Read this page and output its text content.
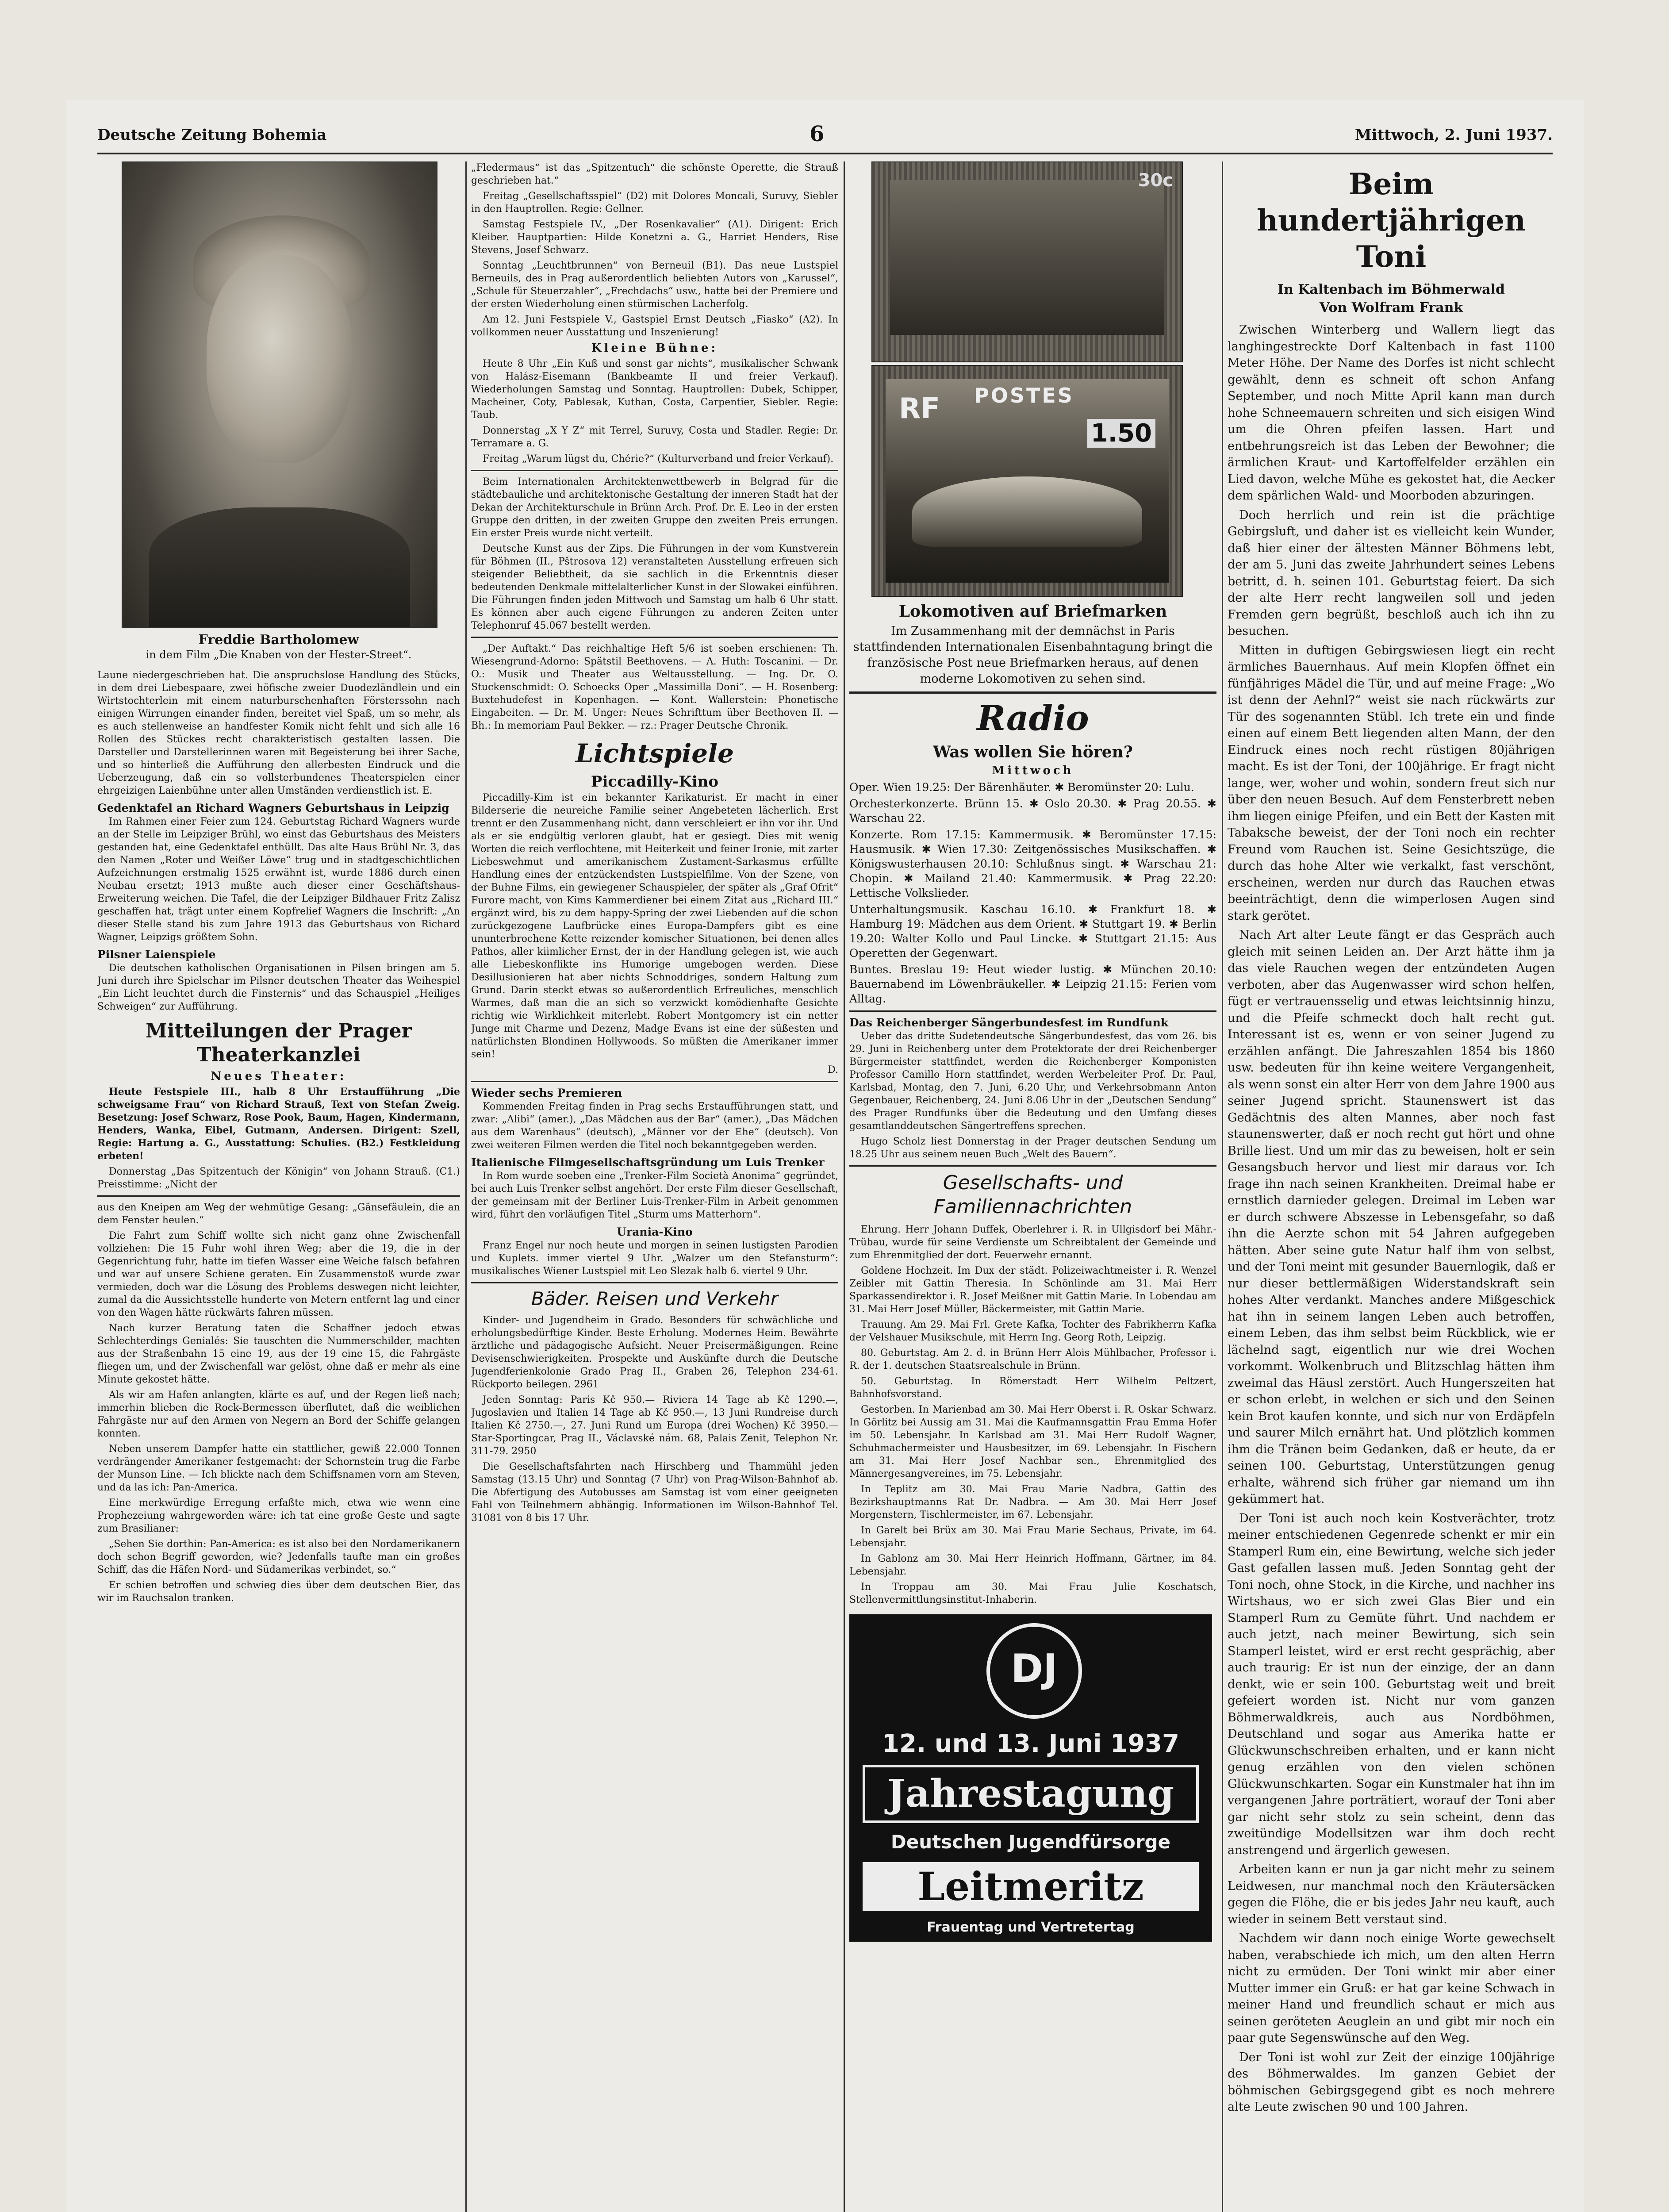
Deutsche Zeitung Bohemia	6	Mittwoch, 2. Juni 1937.
Freddie Bartholomew
in dem Film „Die Knaben von der Hester-Street“.

Laune niedergeschrieben hat. Die anspruchslose Handlung des Stücks, in dem drei Liebespaare, zwei höfische zweier Duodezländlein und ein Wirtstochterlein mit einem naturburschenhaften Försterssohn nach einigen Wirrungen einander finden, bereitet viel Spaß, um so mehr, als es auch stellenweise an handfester Komik nicht fehlt und sich alle 16 Rollen des Stückes recht charakteristisch gestalten lassen. Die Darsteller und Darstellerinnen waren mit Begeisterung bei ihrer Sache, und so hinterließ die Aufführung den allerbesten Eindruck und die Ueberzeugung, daß ein so vollsterbundenes Theaterspielen einer ehrgeizigen Laienbühne unter allen Umständen verdienstlich ist. E.

Gedenktafel an Richard Wagners Geburtshaus in Leipzig

Im Rahmen einer Feier zum 124. Geburtstag Richard Wagners wurde an der Stelle im Leipziger Brühl, wo einst das Geburtshaus des Meisters gestanden hat, eine Gedenktafel enthüllt. Das alte Haus Brühl Nr. 3, das den Namen „Roter und Weißer Löwe“ trug und in stadtgeschichtlichen Aufzeichnungen erstmalig 1525 erwähnt ist, wurde 1886 durch einen Neubau ersetzt; 1913 mußte auch dieser einer Geschäftshaus-Erweiterung weichen. Die Tafel, die der Leipziger Bildhauer Fritz Zalisz geschaffen hat, trägt unter einem Kopfrelief Wagners die Inschrift: „An dieser Stelle stand bis zum Jahre 1913 das Geburtshaus von Richard Wagner, Leipzigs größtem Sohn.

Pilsner Laienspiele

Die deutschen katholischen Organisationen in Pilsen bringen am 5. Juni durch ihre Spielschar im Pilsner deutschen Theater das Weihespiel „Ein Licht leuchtet durch die Finsternis“ und das Schauspiel „Heiliges Schweigen“ zur Aufführung.

Mitteilungen der Prager Theaterkanzlei
Neues Theater:

Heute Festspiele III., halb 8 Uhr Erstaufführung „Die schweigsame Frau“ von Richard Strauß, Text von Stefan Zweig. Besetzung: Josef Schwarz, Rose Pook, Baum, Hagen, Kindermann, Henders, Wanka, Eibel, Gutmann, Andersen. Dirigent: Szell, Regie: Hartung a. G., Ausstattung: Schulies. (B2.) Festkleidung erbeten!

Donnerstag „Das Spitzentuch der Königin“ von Johann Strauß. (C1.) Preisstimme: „Nicht der

aus den Kneipen am Weg der wehmütige Gesang: „Gänsefäulein, die an dem Fenster heulen.“

Die Fahrt zum Schiff wollte sich nicht ganz ohne Zwischenfall vollziehen: Die 15 Fuhr wohl ihren Weg; aber die 19, die in der Gegenrichtung fuhr, hatte im tiefen Wasser eine Weiche falsch befahren und war auf unsere Schiene geraten. Ein Zusammenstoß wurde zwar vermieden, doch war die Lösung des Problems deswegen nicht leichter, zumal da die Aussichtsstelle hunderte von Metern entfernt lag und einer von den Wagen hätte rückwärts fahren müssen.

Nach kurzer Beratung taten die Schaffner jedoch etwas Schlechterdings Genialés: Sie tauschten die Nummerschilder, machten aus der Straßenbahn 15 eine 19, aus der 19 eine 15, die Fahrgäste fliegen um, und der Zwischenfall war gelöst, ohne daß er mehr als eine Minute gekostet hätte.

Als wir am Hafen anlangten, klärte es auf, und der Regen ließ nach; immerhin blieben die Rock-Bermessen überflutet, daß die weiblichen Fahrgäste nur auf den Armen von Negern an Bord der Schiffe gelangen konnten.

Neben unserem Dampfer hatte ein stattlicher, gewiß 22.000 Tonnen verdrängender Amerikaner festgemacht: der Schornstein trug die Farbe der Munson Line. — Ich blickte nach dem Schiffsnamen vorn am Steven, und da las ich: Pan-America.

Eine merkwürdige Erregung erfaßte mich, etwa wie wenn eine Prophezeiung wahrgeworden wäre: ich tat eine große Geste und sagte zum Brasilianer:

„Sehen Sie dorthin: Pan-America: es ist also bei den Nordamerikanern doch schon Begriff geworden, wie? Jedenfalls taufte man ein großes Schiff, das die Häfen Nord- und Südamerikas verbindet, so.“

Er schien betroffen und schwieg dies über dem deutschen Bier, das wir im Rauchsalon tranken.

„Fledermaus“ ist das „Spitzentuch“ die schönste Operette, die Strauß geschrieben hat.“

Freitag „Gesellschaftsspiel“ (D2) mit Dolores Moncali, Suruvy, Siebler in den Hauptrollen. Regie: Gellner.

Samstag Festspiele IV., „Der Rosenkavalier“ (A1). Dirigent: Erich Kleiber. Hauptpartien: Hilde Konetzni a. G., Harriet Henders, Rise Stevens, Josef Schwarz.

Sonntag „Leuchtbrunnen“ von Berneuil (B1). Das neue Lustspiel Berneuils, des in Prag außerordentlich beliebten Autors von „Karussel“, „Schule für Steuerzahler“, „Frechdachs“ usw., hatte bei der Premiere und der ersten Wiederholung einen stürmischen Lacherfolg.

Am 12. Juni Festspiele V., Gastspiel Ernst Deutsch „Fiasko“ (A2). In vollkommen neuer Ausstattung und Inszenierung!

Kleine Bühne:

Heute 8 Uhr „Ein Kuß und sonst gar nichts“, musikalischer Schwank von Halász-Eisemann (Bankbeamte II und freier Verkauf). Wiederholungen Samstag und Sonntag. Hauptrollen: Dubek, Schipper, Macheiner, Coty, Pablesak, Kuthan, Costa, Carpentier, Siebler. Regie: Taub.

Donnerstag „X Y Z“ mit Terrel, Suruvy, Costa und Stadler. Regie: Dr. Terramare a. G.

Freitag „Warum lügst du, Chérie?“ (Kulturverband und freier Verkauf).

Beim Internationalen Architektenwettbewerb in Belgrad für die städtebauliche und architektonische Gestaltung der inneren Stadt hat der Dekan der Architekturschule in Brünn Arch. Prof. Dr. E. Leo in der ersten Gruppe den dritten, in der zweiten Gruppe den zweiten Preis errungen. Ein erster Preis wurde nicht verteilt.

Deutsche Kunst aus der Zips. Die Führungen in der vom Kunstverein für Böhmen (II., Pštrosova 12) veranstalteten Ausstellung erfreuen sich steigender Beliebtheit, da sie sachlich in die Erkenntnis dieser bedeutenden Denkmale mittelalterlicher Kunst in der Slowakei einführen. Die Führungen finden jeden Mittwoch und Samstag um halb 6 Uhr statt. Es können aber auch eigene Führungen zu anderen Zeiten unter Telephonruf 45.067 bestellt werden.

„Der Auftakt.“ Das reichhaltige Heft 5/6 ist soeben erschienen: Th. Wiesengrund-Adorno: Spätstil Beethovens. — A. Huth: Toscanini. — Dr. O.: Musik und Theater aus Weltausstellung. — Ing. Dr. O. Stuckenschmidt: O. Schoecks Oper „Massimilla Doni“. — H. Rosenberg: Buxtehudefest in Kopenhagen. — Kont. Wallerstein: Phonetische Eingabeiten. — Dr. M. Unger: Neues Schrifttum über Beethoven II. — Bh.: In memoriam Paul Bekker. — rz.: Prager Deutsche Chronik.

Lichtspiele
Piccadilly-Kino

Piccadilly-Kim ist ein bekannter Karikaturist. Er macht in einer Bilderserie die neureiche Familie seiner Angebeteten lächerlich. Erst trennt er den Zusammenhang nicht, dann verschleiert er ihn vor ihr. Und als er sie endgültig verloren glaubt, hat er gesiegt. Dies mit wenig Worten die reich verflochtene, mit Heiterkeit und feiner Ironie, mit zarter Liebeswehmut und amerikanischem Zustament-Sarkasmus erfüllte Handlung eines der entzückendsten Lustspielfilme. Von der Szene, von der Buhne Films, ein gewiegener Schauspieler, der später als „Graf Ofrit“ Furore macht, von Kims Kammerdiener bei einem Zitat aus „Richard III.“ ergänzt wird, bis zu dem happy-Spring der zwei Liebenden auf die schon zurückgezogene Laufbrücke eines Europa-Dampfers gibt es eine ununterbrochene Kette reizender komischer Situationen, bei denen alles Pathos, aller kiimlicher Ernst, der in der Handlung gelegen ist, wie auch alle Liebeskonflikte ins Humorige umgebogen werden. Diese Desillusionieren hat aber nichts Schnoddriges, sondern Haltung zum Grund. Darin steckt etwas so außerordentlich Erfreuliches, menschlich Warmes, daß man die an sich so verzwickt komödienhafte Gesichte richtig wie Wirklichkeit miterlebt. Robert Montgomery ist ein netter Junge mit Charme und Dezenz, Madge Evans ist eine der süßesten und natürlichsten Blondinen Hollywoods. So müßten die Amerikaner immer sein!

D.

Wieder sechs Premieren

Kommenden Freitag finden in Prag sechs Erstaufführungen statt, und zwar: „Alibi“ (amer.), „Das Mädchen aus der Bar“ (amer.), „Das Mädchen aus dem Warenhaus“ (deutsch), „Männer vor der Ehe“ (deutsch). Von zwei weiteren Filmen werden die Titel noch bekanntgegeben werden.

Italienische Filmgesellschaftsgründung um Luis Trenker

In Rom wurde soeben eine „Trenker-Film Società Anonima“ gegründet, bei auch Luis Trenker selbst angehört. Der erste Film dieser Gesellschaft, der gemeinsam mit der Berliner Luis-Trenker-Film in Arbeit genommen wird, führt den vorläufigen Titel „Sturm ums Matterhorn“.

Urania-Kino

Franz Engel nur noch heute und morgen in seinen lustigsten Parodien und Kuplets. immer viertel 9 Uhr. „Walzer um den Stefansturm“: musikalisches Wiener Lustspiel mit Leo Slezak halb 6. viertel 9 Uhr.

Bäder. Reisen und Verkehr

Kinder- und Jugendheim in Grado. Besonders für schwächliche und erholungsbedürftige Kinder. Beste Erholung. Modernes Heim. Bewährte ärztliche und pädagogische Aufsicht. Neuer Preisermäßigungen. Reine Devisenschwierigkeiten. Prospekte und Auskünfte durch die Deutsche Jugendferienkolonie Grado Prag II., Graben 26, Telephon 234-61. Rückporto beilegen. 2961

Jeden Sonntag: Paris Kč 950.— Riviera 14 Tage ab Kč 1290.—, Jugoslavien und Italien 14 Tage ab Kč 950.—, 13 Juni Rundreise durch Italien Kč 2750.—, 27. Juni Rund um Europa (drei Wochen) Kč 3950.— Star-Sportingcar, Prag II., Václavské nám. 68, Palais Zenit, Telephon Nr. 311-79. 2950

Die Gesellschaftsfahrten nach Hirschberg und Thammühl jeden Samstag (13.15 Uhr) und Sonntag (7 Uhr) von Prag-Wilson-Bahnhof ab. Die Abfertigung des Autobusses am Samstag ist vom einer geeigneten Fahl von Teilnehmern abhängig. Informationen im Wilson-Bahnhof Tel. 31081 von 8 bis 17 Uhr.

30c
RF POSTES
1.50
Lokomotiven auf Briefmarken

Im Zusammenhang mit der demnächst in Paris stattfindenden Internationalen Eisenbahntagung bringt die französische Post neue Briefmarken heraus, auf denen moderne Lokomotiven zu sehen sind.

Radio
Was wollen Sie hören?
Mittwoch

Oper. Wien 19.25: Der Bärenhäuter. ✱ Beromünster 20: Lulu.

Orchesterkonzerte. Brünn 15. ✱ Oslo 20.30. ✱ Prag 20.55. ✱ Warschau 22.

Konzerte. Rom 17.15: Kammermusik. ✱ Beromünster 17.15: Hausmusik. ✱ Wien 17.30: Zeitgenössisches Musikschaffen. ✱ Königswusterhausen 20.10: Schlußnus singt. ✱ Warschau 21: Chopin. ✱ Mailand 21.40: Kammermusik. ✱ Prag 22.20: Lettische Volkslieder.

Unterhaltungsmusik. Kaschau 16.10. ✱ Frankfurt 18. ✱ Hamburg 19: Mädchen aus dem Orient. ✱ Stuttgart 19. ✱ Berlin 19.20: Walter Kollo und Paul Lincke. ✱ Stuttgart 21.15: Aus Operetten der Gegenwart.

Buntes. Breslau 19: Heut wieder lustig. ✱ München 20.10: Bauernabend im Löwenbräukeller. ✱ Leipzig 21.15: Ferien vom Alltag.

Das Reichenberger Sängerbundesfest im Rundfunk

Ueber das dritte Sudetendeutsche Sängerbundesfest, das vom 26. bis 29. Juni in Reichenberg unter dem Protektorate der drei Reichenberger Bürgermeister stattfindet, werden die Reichenberger Komponisten Professor Camillo Horn stattfindet, werden Werbeleiter Prof. Dr. Paul, Karlsbad, Montag, den 7. Juni, 6.20 Uhr, und Verkehrsobmann Anton Gegenbauer, Reichenberg, 24. Juni 8.06 Uhr in der „Deutschen Sendung“ des Prager Rundfunks über die Bedeutung und den Umfang dieses gesamtlanddeutschen Sängertreffens sprechen.

Hugo Scholz liest Donnerstag in der Prager deutschen Sendung um 18.25 Uhr aus seinem neuen Buch „Welt des Bauern“.

Gesellschafts- und Familiennachrichten

Ehrung. Herr Johann Duffek, Oberlehrer i. R. in Ullgisdorf bei Mähr.-Trübau, wurde für seine Verdienste um Schreibtalent der Gemeinde und zum Ehrenmitglied der dort. Feuerwehr ernannt.

Goldene Hochzeit. Im Dux der städt. Polizeiwachtmeister i. R. Wenzel Zeibler mit Gattin Theresia. In Schönlinde am 31. Mai Herr Sparkassendirektor i. R. Josef Meißner mit Gattin Marie. In Lobendau am 31. Mai Herr Josef Müller, Bäckermeister, mit Gattin Marie.

Trauung. Am 29. Mai Frl. Grete Kafka, Tochter des Fabrikherrn Kafka der Velshauer Musikschule, mit Herrn Ing. Georg Roth, Leipzig.

80. Geburtstag. Am 2. d. in Brünn Herr Alois Mühlbacher, Professor i. R. der 1. deutschen Staatsrealschule in Brünn.

50. Geburtstag. In Römerstadt Herr Wilhelm Peltzert, Bahnhofsvorstand.

Gestorben. In Marienbad am 30. Mai Herr Oberst i. R. Oskar Schwarz. In Görlitz bei Aussig am 31. Mai die Kaufmannsgattin Frau Emma Hofer im 50. Lebensjahr. In Karlsbad am 31. Mai Herr Rudolf Wagner, Schuhmachermeister und Hausbesitzer, im 69. Lebensjahr. In Fischern am 31. Mai Herr Josef Nachbar sen., Ehrenmitglied des Männergesangvereines, im 75. Lebensjahr.

In Teplitz am 30. Mai Frau Marie Nadbra, Gattin des Bezirkshauptmanns Rat Dr. Nadbra. — Am 30. Mai Herr Josef Morgenstern, Tischlermeister, im 67. Lebensjahr.

In Garelt bei Brüx am 30. Mai Frau Marie Sechaus, Private, im 64. Lebensjahr.

In Gablonz am 30. Mai Herr Heinrich Hoffmann, Gärtner, im 84. Lebensjahr.

In Troppau am 30. Mai Frau Julie Koschatsch, Stellenvermittlungsinstitut-Inhaberin.

DJ
12. und 13. Juni 1937
Jahrestagung
Deutschen Jugendfürsorge
Leitmeritz
Frauentag und Vertretertag
Beim hundertjährigen Toni
In Kaltenbach im Böhmerwald
Von Wolfram Frank

Zwischen Winterberg und Wallern liegt das langhingestreckte Dorf Kaltenbach in fast 1100 Meter Höhe. Der Name des Dorfes ist nicht schlecht gewählt, denn es schneit oft schon Anfang September, und noch Mitte April kann man durch hohe Schneemauern schreiten und sich eisigen Wind um die Ohren pfeifen lassen. Hart und entbehrungsreich ist das Leben der Bewohner; die ärmlichen Kraut- und Kartoffelfelder erzählen ein Lied davon, welche Mühe es gekostet hat, die Aecker dem spärlichen Wald- und Moorboden abzuringen.

Doch herrlich und rein ist die prächtige Gebirgsluft, und daher ist es vielleicht kein Wunder, daß hier einer der ältesten Männer Böhmens lebt, der am 5. Juni das zweite Jahrhundert seines Lebens betritt, d. h. seinen 101. Geburtstag feiert. Da sich der alte Herr recht langweilen soll und jeden Fremden gern begrüßt, beschloß auch ich ihn zu besuchen.

Mitten in duftigen Gebirgswiesen liegt ein recht ärmliches Bauernhaus. Auf mein Klopfen öffnet ein fünfjähriges Mädel die Tür, und auf meine Frage: „Wo ist denn der Aehnl?“ weist sie nach rückwärts zur Tür des sogenannten Stübl. Ich trete ein und finde einen auf einem Bett liegenden alten Mann, der den Eindruck eines noch recht rüstigen 80jährigen macht. Es ist der Toni, der 100jährige. Er fragt nicht lange, wer, woher und wohin, sondern freut sich nur über den neuen Besuch. Auf dem Fensterbrett neben ihm liegen einige Pfeifen, und ein Bett der Kasten mit Tabaksche beweist, der der Toni noch ein rechter Freund vom Rauchen ist. Seine Gesichtszüge, die durch das hohe Alter wie verkalkt, fast verschönt, erscheinen, werden nur durch das Rauchen etwas beeinträchtigt, denn die wimperlosen Augen sind stark gerötet.

Nach Art alter Leute fängt er das Gespräch auch gleich mit seinen Leiden an. Der Arzt hätte ihm ja das viele Rauchen wegen der entzündeten Augen verboten, aber das Augenwasser wird schon helfen, fügt er vertrauensselig und etwas leichtsinnig hinzu, und die Pfeife schmeckt doch halt recht gut. Interessant ist es, wenn er von seiner Jugend zu erzählen anfängt. Die Jahreszahlen 1854 bis 1860 usw. bedeuten für ihn keine weitere Vergangenheit, als wenn sonst ein alter Herr von dem Jahre 1900 aus seiner Jugend spricht. Staunenswert ist das Gedächtnis des alten Mannes, aber noch fast staunenswerter, daß er noch recht gut hört und ohne Brille liest. Und um mir das zu beweisen, holt er sein Gesangsbuch hervor und liest mir daraus vor. Ich frage ihn nach seinen Krankheiten. Dreimal habe er ernstlich darnieder gelegen. Dreimal im Leben war er durch schwere Abszesse in Lebensgefahr, so daß ihn die Aerzte schon mit 54 Jahren aufgegeben hätten. Aber seine gute Natur half ihm von selbst, und der Toni meint mit gesunder Bauernlogik, daß er nur dieser bettlermäßigen Widerstandskraft sein hohes Alter verdankt. Manches andere Mißgeschick hat ihn in seinem langen Leben auch betroffen, einem Leben, das ihm selbst beim Rückblick, wie er lächelnd sagt, eigentlich nur wie drei Wochen vorkommt. Wolkenbruch und Blitzschlag hätten ihm zweimal das Häusl zerstört. Auch Hungerszeiten hat er schon erlebt, in welchen er sich und den Seinen kein Brot kaufen konnte, und sich nur von Erdäpfeln und saurer Milch ernährt hat. Und plötzlich kommen ihm die Tränen beim Gedanken, daß er heute, da er seinen 100. Geburtstag, Unterstützungen genug erhalte, während sich früher gar niemand um ihn gekümmert hat.

Der Toni ist auch noch kein Kostverächter, trotz meiner entschiedenen Gegenrede schenkt er mir ein Stamperl Rum ein, eine Bewirtung, welche sich jeder Gast gefallen lassen muß. Jeden Sonntag geht der Toni noch, ohne Stock, in die Kirche, und nachher ins Wirtshaus, wo er sich zwei Glas Bier und ein Stamperl Rum zu Gemüte führt. Und nachdem er auch jetzt, nach meiner Bewirtung, sich sein Stamperl leistet, wird er erst recht gesprächig, aber auch traurig: Er ist nun der einzige, der an dann denkt, wie er sein 100. Geburtstag weit und breit gefeiert worden ist. Nicht nur vom ganzen Böhmerwaldkreis, auch aus Nordböhmen, Deutschland und sogar aus Amerika hatte er Glückwunschschreiben erhalten, und er kann nicht genug erzählen von den vielen schönen Glückwunschkarten. Sogar ein Kunstmaler hat ihn im vergangenen Jahre porträtiert, worauf der Toni aber gar nicht sehr stolz zu sein scheint, denn das zweitündige Modellsitzen war ihm doch recht anstrengend und ärgerlich gewesen.

Arbeiten kann er nun ja gar nicht mehr zu seinem Leidwesen, nur manchmal noch den Kräutersäcken gegen die Flöhe, die er bis jedes Jahr neu kauft, auch wieder in seinem Bett verstaut sind.

Nachdem wir dann noch einige Worte gewechselt haben, verabschiede ich mich, um den alten Herrn nicht zu ermüden. Der Toni winkt mir aber einer Mutter immer ein Gruß: er hat gar keine Schwach in meiner Hand und freundlich schaut er mich aus seinen geröteten Aeuglein an und gibt mir noch ein paar gute Segenswünsche auf den Weg.

Der Toni ist wohl zur Zeit der einzige 100jährige des Böhmerwaldes. Im ganzen Gebiet der böhmischen Gebirgsgegend gibt es noch mehrere alte Leute zwischen 90 und 100 Jahren.
